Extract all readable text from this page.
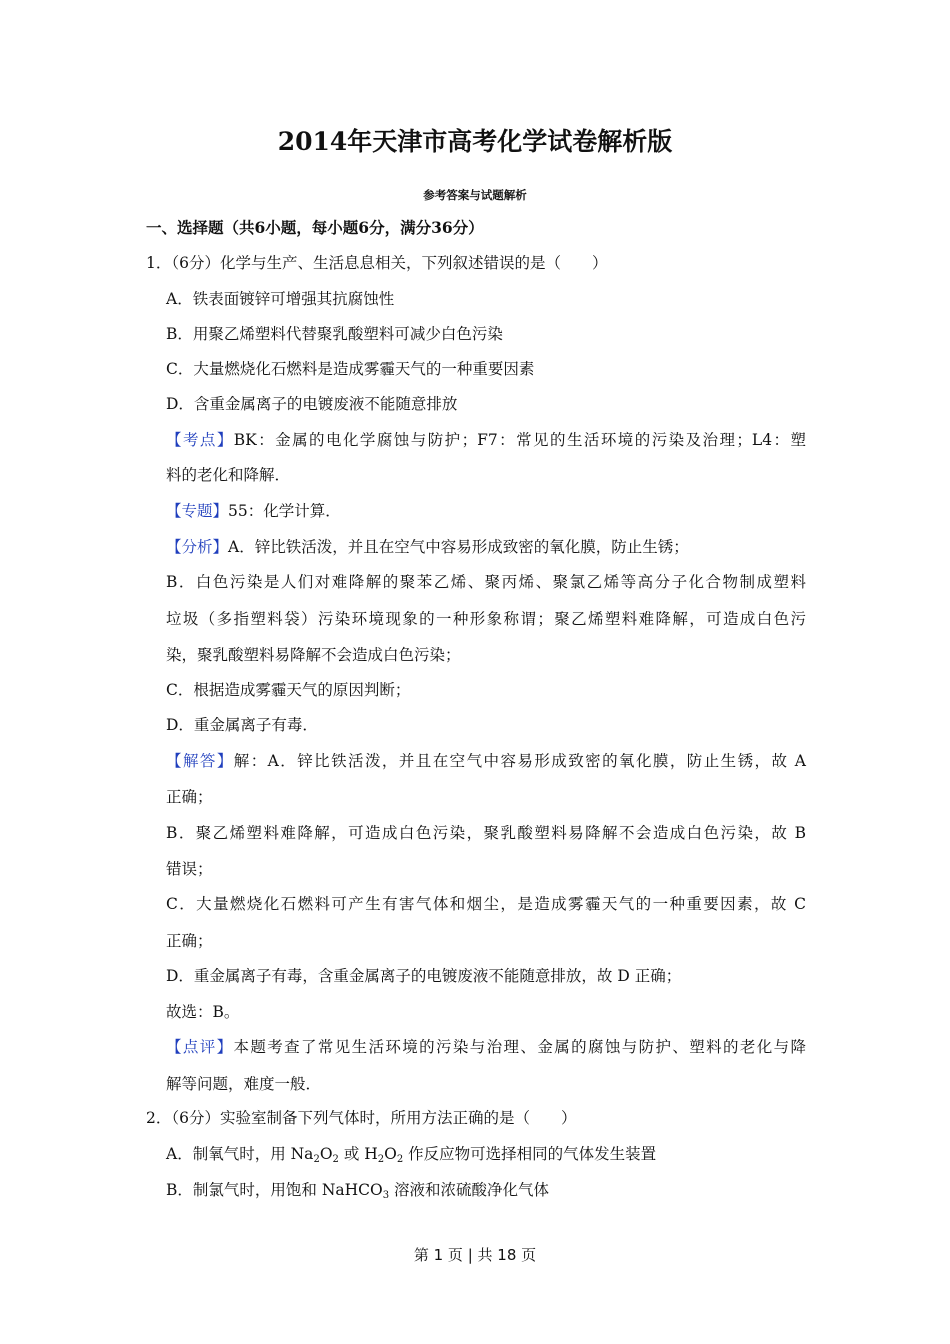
2014年天津市高考化学试卷解析版
参考答案与试题解析
一、选择题（共6小题，每小题6分，满分36分）
1．（6分）化学与生产、生活息息相关，下列叙述错误的是（　　）
A．铁表面镀锌可增强其抗腐蚀性
B．用聚乙烯塑料代替聚乳酸塑料可减少白色污染
C．大量燃烧化石燃料是造成雾霾天气的一种重要因素
D．含重金属离子的电镀废液不能随意排放
【考点】BK：金属的电化学腐蚀与防护；F7：常见的生活环境的污染及治理；L4：塑
料的老化和降解．
【专题】55：化学计算．
【分析】A．锌比铁活泼，并且在空气中容易形成致密的氧化膜，防止生锈；
B．白色污染是人们对难降解的聚苯乙烯、聚丙烯、聚氯乙烯等高分子化合物制成塑料
垃圾（多指塑料袋）污染环境现象的一种形象称谓；聚乙烯塑料难降解，可造成白色污
染，聚乳酸塑料易降解不会造成白色污染；
C．根据造成雾霾天气的原因判断；
D．重金属离子有毒．
【解答】解：A．锌比铁活泼，并且在空气中容易形成致密的氧化膜，防止生锈，故 A
正确；
B．聚乙烯塑料难降解，可造成白色污染，聚乳酸塑料易降解不会造成白色污染，故 B
错误；
C．大量燃烧化石燃料可产生有害气体和烟尘，是造成雾霾天气的一种重要因素，故 C
正确；
D．重金属离子有毒，含重金属离子的电镀废液不能随意排放，故 D 正确；
故选：B。
【点评】本题考查了常见生活环境的污染与治理、金属的腐蚀与防护、塑料的老化与降
解等问题，难度一般．
2．（6分）实验室制备下列气体时，所用方法正确的是（　　）
A．制氧气时，用 $Na_2O_2$ 或 $H_2O_2$ 作反应物可选择相同的气体发生装置
B．制氯气时，用饱和 NaHCO$_3$ 溶液和浓硫酸净化气体
第 1 页 | 共 18 页
